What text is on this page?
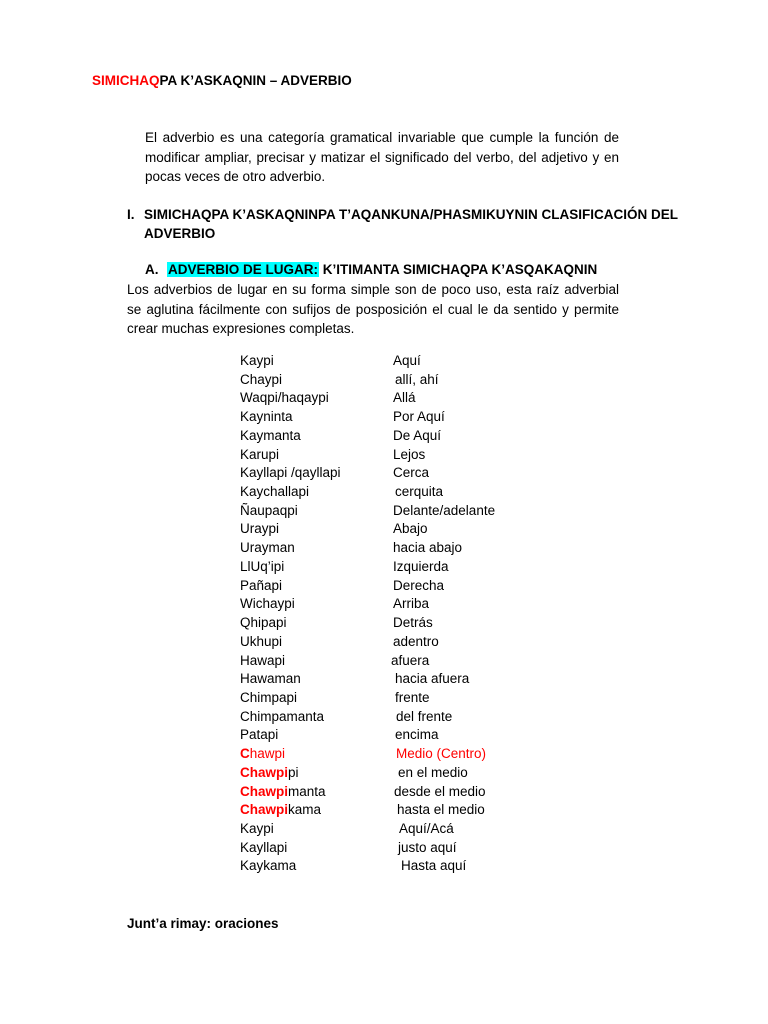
SIMICHAQPA K’ASKAQNIN – ADVERBIO
El adverbio es una categoría gramatical invariable que cumple la función de modificar ampliar, precisar y matizar el significado del verbo, del adjetivo y en pocas veces de otro adverbio.
I. SIMICHAQPA K’ASKAQNINPA T’AQANKUNA/PHASMIKUYNIN CLASIFICACIÓN DEL
ADVERBIO
A. ADVERBIO DE LUGAR: K’ITIMANTA SIMICHAQPA K’ASQAKAQNIN
Los adverbios de lugar en su forma simple son de poco uso, esta raíz adverbial se aglutina fácilmente con sufijos de posposición el cual le da sentido y permite crear muchas expresiones completas.
Kaypi	Aquí
Chaypi	allí, ahí
Waqpi/haqaypi	Allá
Kayninta	Por Aquí
Kaymanta	De Aquí
Karupi	Lejos
Kayllapi /qayllapi	Cerca
Kaychallapi	cerquita
Ñaupaqpi	Delante/adelante
Uraypi	Abajo
Urayman	hacia abajo
LlUq’ipi	Izquierda
Pañapi	Derecha
Wichaypi	Arriba
Qhipapi	Detrás
Ukhupi	adentro
Hawapi	afuera
Hawaman	hacia afuera
Chimpapi	frente
Chimpamanta	del frente
Patapi	encima
Chawpi	Medio (Centro)
Chawpipi	en el medio
Chawpimanta	desde el medio
Chawpikama	hasta el medio
Kaypi	Aquí/Acá
Kayllapi	justo aquí
Kaykama	Hasta aquí
Junt’a rimay: oraciones
